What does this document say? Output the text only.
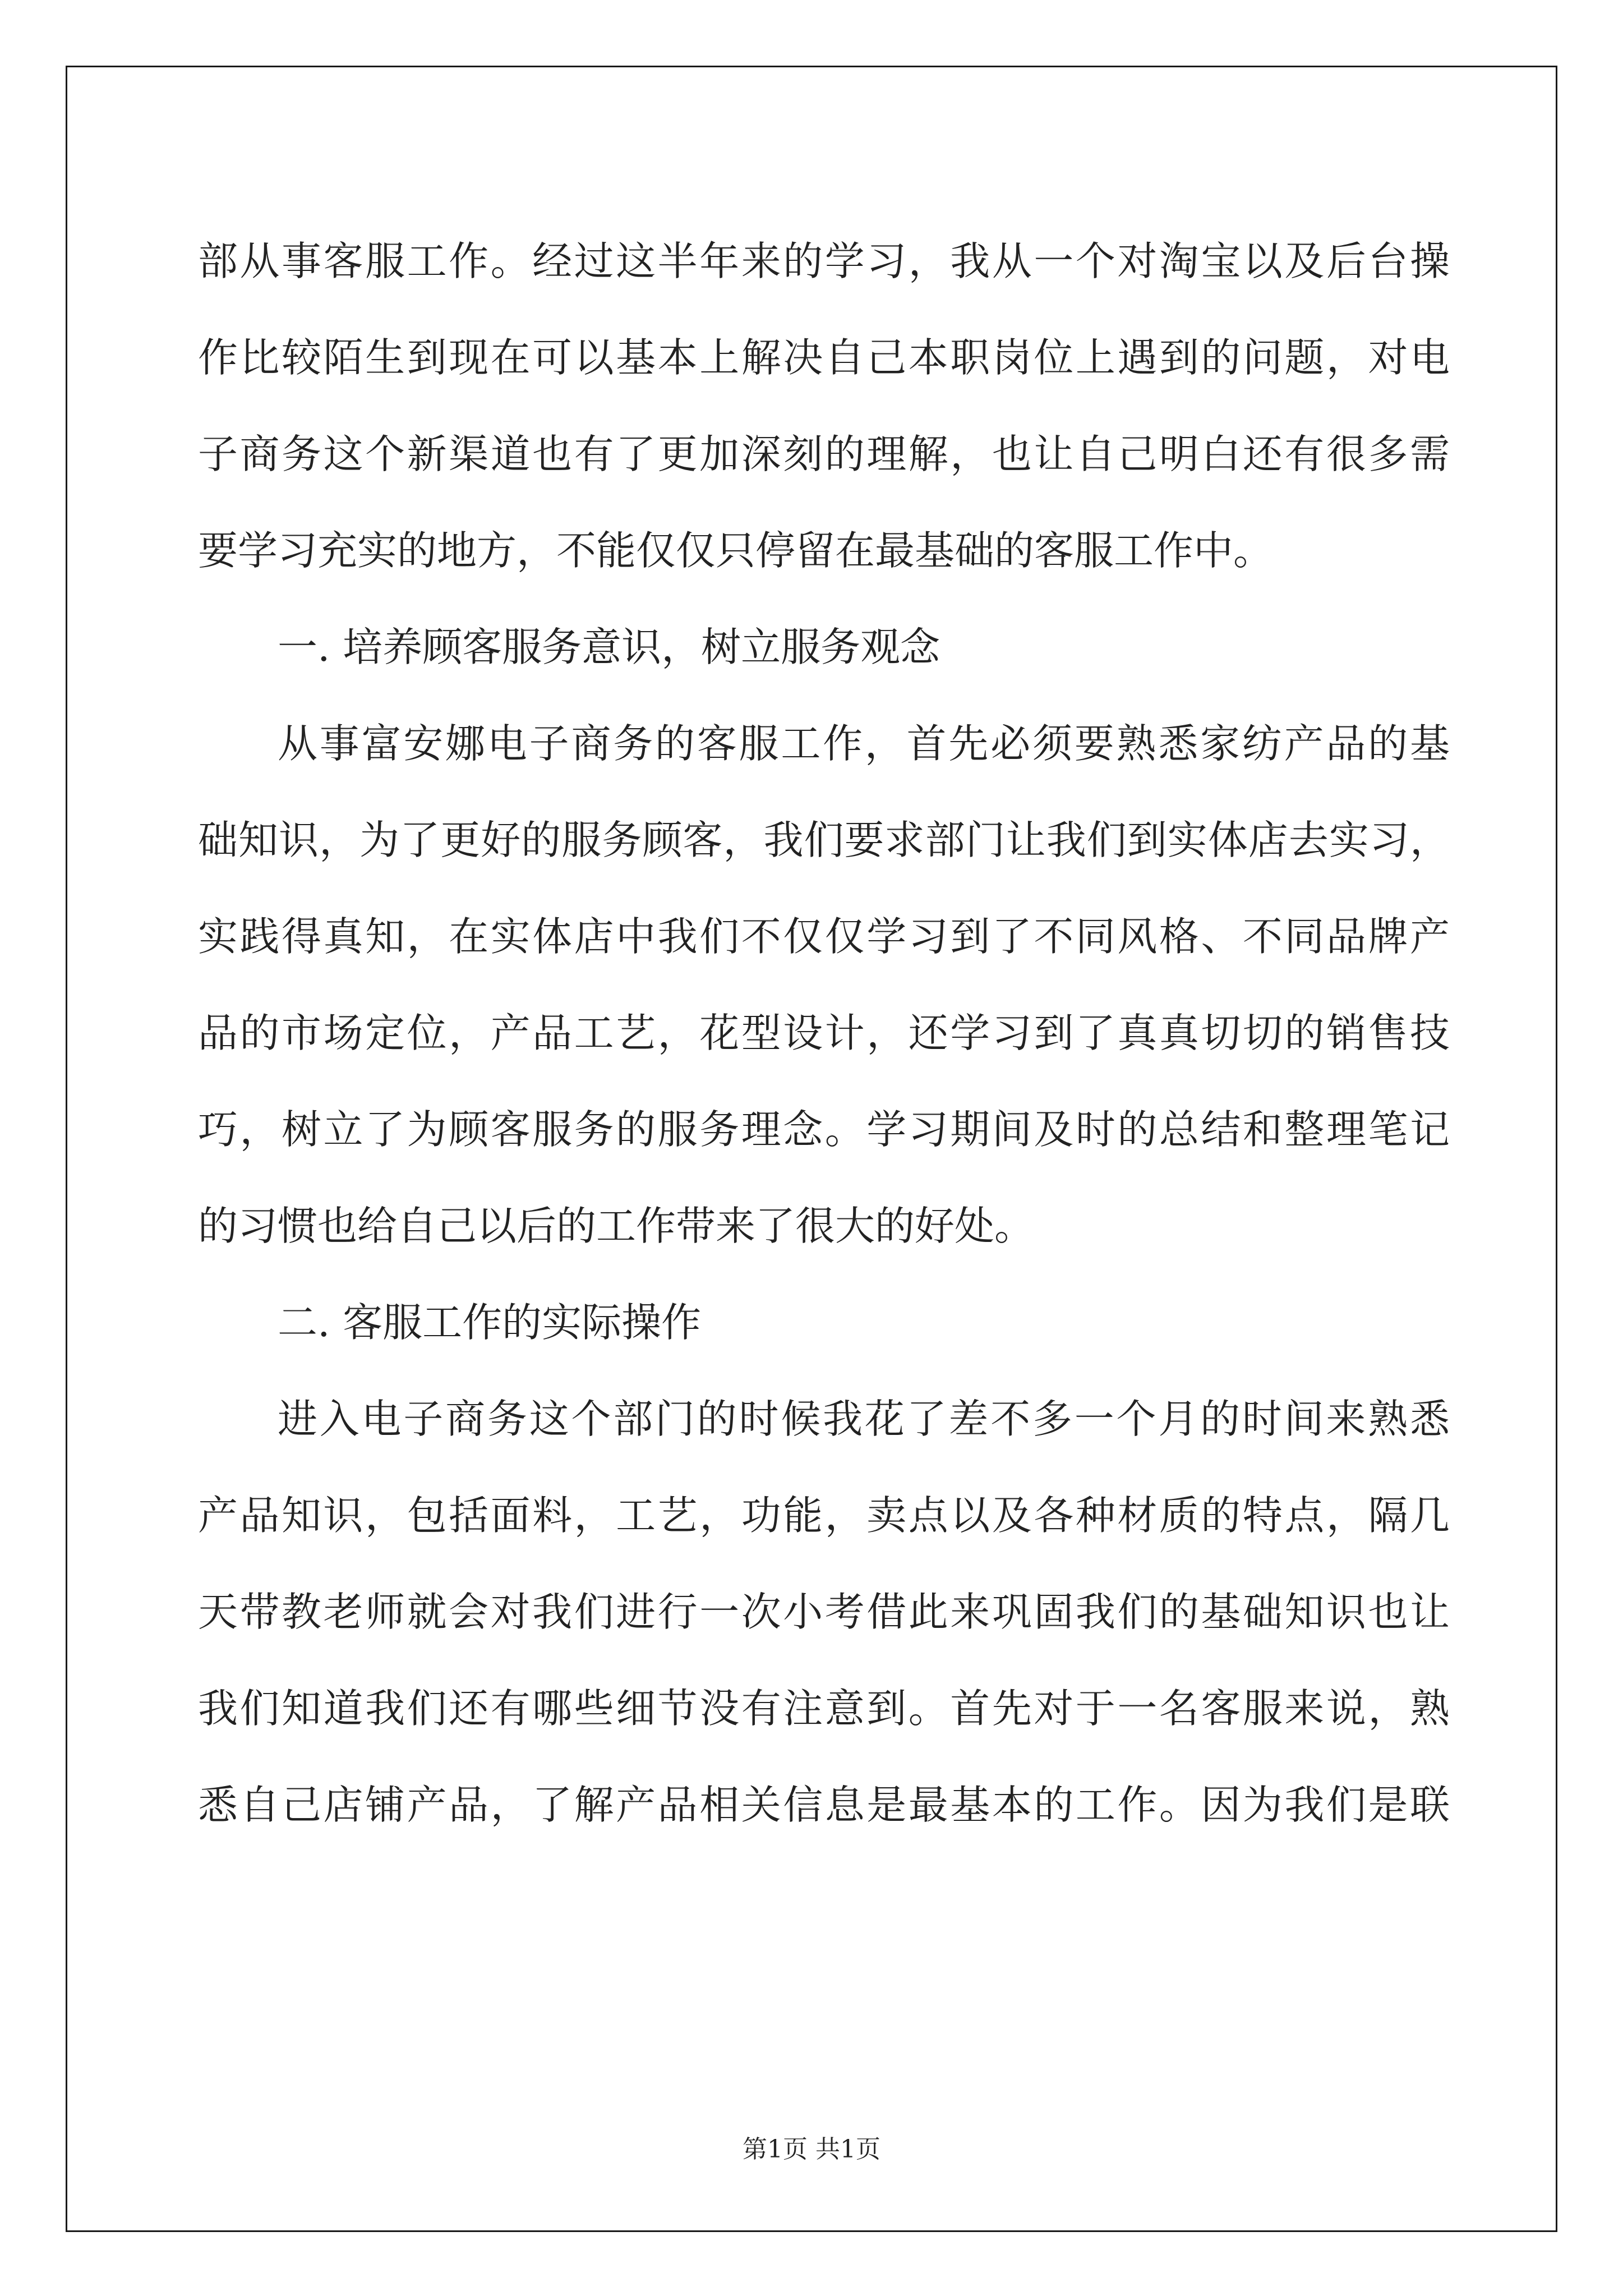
部从事客服工作。经过这半年来的学习，我从一个对淘宝以及后台操
作比较陌生到现在可以基本上解决自己本职岗位上遇到的问题，对电
子商务这个新渠道也有了更加深刻的理解，也让自己明白还有很多需
要学习充实的地方，不能仅仅只停留在最基础的客服工作中。
一. 培养顾客服务意识，树立服务观念
从事富安娜电子商务的客服工作，首先必须要熟悉家纺产品的基
础知识，为了更好的服务顾客，我们要求部门让我们到实体店去实习，
实践得真知，在实体店中我们不仅仅学习到了不同风格、不同品牌产
品的市场定位，产品工艺，花型设计，还学习到了真真切切的销售技
巧，树立了为顾客服务的服务理念。学习期间及时的总结和整理笔记
的习惯也给自己以后的工作带来了很大的好处。
二. 客服工作的实际操作
进入电子商务这个部门的时候我花了差不多一个月的时间来熟悉
产品知识，包括面料，工艺，功能，卖点以及各种材质的特点，隔几
天带教老师就会对我们进行一次小考借此来巩固我们的基础知识也让
我们知道我们还有哪些细节没有注意到。首先对于一名客服来说，熟
悉自己店铺产品，了解产品相关信息是最基本的工作。因为我们是联
第1页 共1页
